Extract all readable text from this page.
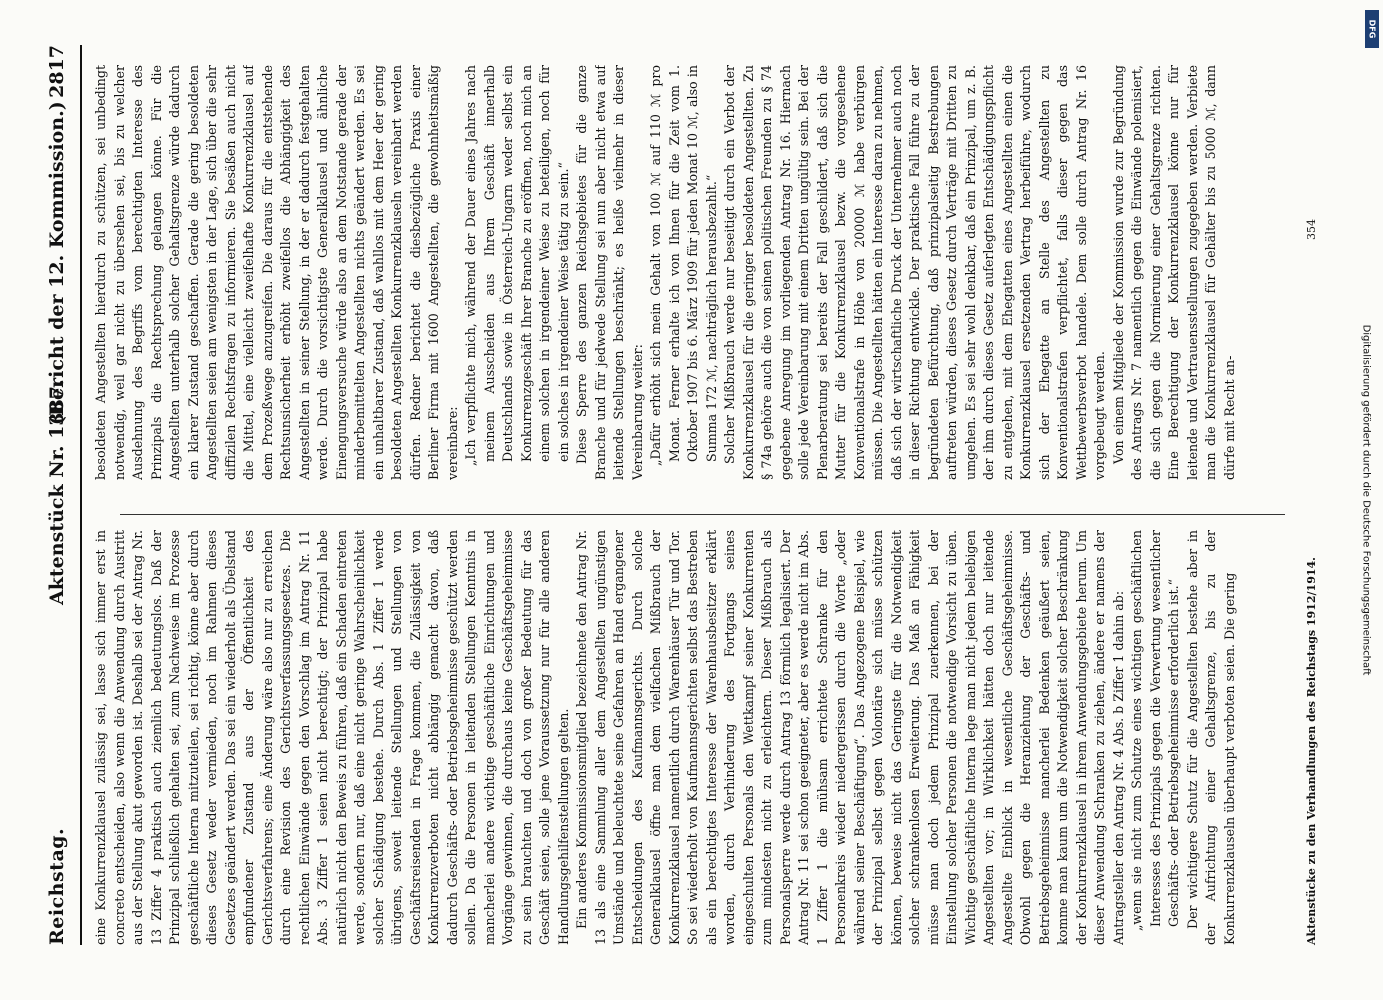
Reichstag.
Aktenstück Nr. 1387.
(Bericht der 12. Kommission.)
2817

eine Konkurrenzklausel zulässig sei, lasse sich immer erst in concreto entscheiden, also wenn die Anwendung durch Austritt aus der Stellung akut geworden ist. Deshalb sei der Antrag Nr. 13 Ziffer 4 praktisch auch ziemlich bedeutungslos. Daß der Prinzipal schließlich gehalten sei, zum Nachweise im Prozesse geschäftliche Interna mitzuteilen, sei richtig, könne aber durch dieses Gesetz weder vermieden, noch im Rahmen dieses Gesetzes geändert werden. Das sei ein wiederholt als Übelstand empfundener Zustand aus der Öffentlichkeit des Gerichtsverfahrens; eine Änderung wäre also nur zu erreichen durch eine Revision des Gerichtsverfassungsgesetzes. Die rechtlichen Einwände gegen den Vorschlag im Antrag Nr. 11 Abs. 3 Ziffer 1 seien nicht berechtigt; der Prinzipal habe natürlich nicht den Beweis zu führen, daß ein Schaden eintreten werde, sondern nur, daß eine nicht geringe Wahrscheinlichkeit solcher Schädigung bestehe. Durch Abs. 1 Ziffer 1 werde übrigens, soweit leitende Stellungen und Stellungen von Geschäftsreisenden in Frage kommen, die Zulässigkeit von Konkurrenzverboten nicht abhängig gemacht davon, daß dadurch Geschäfts- oder Betriebsgeheimnisse geschützt werden sollen. Da die Personen in leitenden Stellungen Kenntnis in mancherlei andere wichtige geschäftliche Einrichtungen und Vorgänge gewinnen, die durchaus keine Geschäftsgeheimnisse zu sein brauchten und doch von großer Bedeutung für das Geschäft seien, solle jene Voraussetzung nur für alle anderen Handlungsgehilfenstellungen gelten. Ein anderes Kommissionsmitglied bezeichnete den Antrag Nr. 13 als eine Sammlung aller dem Angestellten ungünstigen Umstände und beleuchtete seine Gefahren an Hand ergangener Entscheidungen des Kaufmannsgerichts. Durch solche Generalklausel öffne man dem vielfachen Mißbrauch der Konkurrenzklausel namentlich durch Warenhäuser Tür und Tor. So sei wiederholt von Kaufmannsgerichten selbst das Bestreben als ein berechtigtes Interesse der Warenhausbesitzer erklärt worden, durch Verhinderung des Fortgangs seines eingeschulten Personals den Wettkampf seiner Konkurrenten zum mindesten nicht zu erleichtern. Dieser Mißbrauch als Personalsperre werde durch Antrag 13 förmlich legalisiert. Der Antrag Nr. 11 sei schon geeigneter, aber es werde nicht im Abs. 1 Ziffer 1 die mühsam errichtete Schranke für den Personenkreis wieder niedergerissen durch die Worte „oder während seiner Beschäftigung“. Das Angezogene Beispiel, wie der Prinzipal selbst gegen Volontäre sich müsse schützen können, beweise nicht das Geringste für die Notwendigkeit solcher schrankenlosen Erweiterung. Das Maß an Fähigkeit müsse man doch jedem Prinzipal zuerkennen, bei der Einstellung solcher Personen die notwendige Vorsicht zu üben. Wichtige geschäftliche Interna lege man nicht jedem beliebigen Angestellten vor; in Wirklichkeit hätten doch nur leitende Angestellte Einblick in wesentliche Geschäftsgeheimnisse. Obwohl gegen die Heranziehung der Geschäfts- und Betriebsgeheimnisse mancherlei Bedenken geäußert seien, komme man kaum um die Notwendigkeit solcher Beschränkung der Konkurrenzklausel in ihrem Anwendungsgebiete herum. Um dieser Anwendung Schranken zu ziehen, ändere er namens der Antragsteller den Antrag Nr. 4 Abs. b Ziffer 1 dahin ab: „wenn sie nicht zum Schutze eines wichtigen geschäftlichen Interesses des Prinzipals gegen die Verwertung wesentlicher Geschäfts- oder Betriebsgeheimnisse erforderlich ist.“ Der wichtigere Schutz für die Angestellten bestehe aber in der Aufrichtung einer Gehaltsgrenze, bis zu der Konkurrenzklauseln überhaupt verboten seien. Die gering

besoldeten Angestellten hierdurch zu schützen, sei unbedingt notwendig, weil gar nicht zu übersehen sei, bis zu welcher Ausdehnung des Begriffs vom berechtigten Interesse des Prinzipals die Rechtsprechung gelangen könne. Für die Angestellten unterhalb solcher Gehaltsgrenze würde dadurch ein klarer Zustand geschaffen. Gerade die gering besoldeten Angestellten seien am wenigsten in der Lage, sich über die sehr diffizilen Rechtsfragen zu informieren. Sie besäßen auch nicht die Mittel, eine vielleicht zweifelhafte Konkurrenzklausel auf dem Prozeßwege anzugreifen. Die daraus für die entstehende Rechtsunsicherheit erhöht zweifellos die Abhängigkeit des Angestellten in seiner Stellung, in der er dadurch festgehalten werde. Durch die vorsichtigste Generalklausel und ähnliche Einengungsversuche würde also an dem Notstande gerade der minderbemittelten Angestellten nichts geändert werden. Es sei ein unhaltbarer Zustand, daß wahllos mit dem Heer der gering besoldeten Angestellten Konkurrenzklauseln vereinbart werden dürfen. Redner berichtet die diesbezügliche Praxis einer Berliner Firma mit 1600 Angestellten, die gewohnheitsmäßig vereinbare: „Ich verpflichte mich, während der Dauer eines Jahres nach meinem Ausscheiden aus Ihrem Geschäft innerhalb Deutschlands sowie in Österreich-Ungarn weder selbst ein Konkurrenzgeschäft Ihrer Branche zu eröffnen, noch mich an einem solchen in irgendeiner Weise zu beteiligen, noch für ein solches in irgendeiner Weise tätig zu sein.“ Diese Sperre des ganzen Reichsgebietes für die ganze Branche und für jedwede Stellung sei nun aber nicht etwa auf leitende Stellungen beschränkt; es heiße vielmehr in dieser Vereinbarung weiter: „Dafür erhöht sich mein Gehalt von 100 ℳ auf 110 ℳ pro Monat. Ferner erhalte ich von Ihnen für die Zeit vom 1. Oktober 1907 bis 6. März 1909 für jeden Monat 10 ℳ, also in Summa 172 ℳ, nachträglich herausbezahlt.“ Solcher Mißbrauch werde nur beseitigt durch ein Verbot der Konkurrenzklausel für die geringer besoldeten Angestellten. Zu § 74a gehöre auch die von seinen politischen Freunden zu § 74 gegebene Anregung im vorliegenden Antrag Nr. 16. Hiernach solle jede Vereinbarung mit einem Dritten ungültig sein. Bei der Plenarberatung sei bereits der Fall geschildert, daß sich die Mutter für die Konkurrenzklausel bezw. die vorgesehene Konventionalstrafe in Höhe von 20000 ℳ habe verbürgen müssen. Die Angestellten hätten ein Interesse daran zu nehmen, daß sich der wirtschaftliche Druck der Unternehmer auch noch in dieser Richtung entwickle. Der praktische Fall führe zu der begründeten Befürchtung, daß prinzipalseitig Bestrebungen auftreten würden, dieses Gesetz durch Verträge mit Dritten zu umgehen. Es sei sehr wohl denkbar, daß ein Prinzipal, um z. B. der ihm durch dieses Gesetz auferlegten Entschädigungspflicht zu entgehen, mit dem Ehegatten eines Angestellten einen die Konkurrenzklausel ersetzenden Vertrag herbeiführe, wodurch sich der Ehegatte an Stelle des Angestellten zu Konventionalstrafen verpflichtet, falls dieser gegen das Wettbewerbsverbot handele. Dem solle durch Antrag Nr. 16 vorgebeugt werden. Von einem Mitgliede der Kommission wurde zur Begründung des Antrags Nr. 7 namentlich gegen die Einwände polemisiert, die sich gegen die Normierung einer Gehaltsgrenze richten. Eine Berechtigung der Konkurrenzklausel könne nur für leitende und Vertrauensstellungen zugegeben werden. Verbiete man die Konkurrenzklausel für Gehälter bis zu 5000 ℳ, dann dürfe mit Recht an-

Aktenstücke zu den Verhandlungen des Reichstags 1912/1914.
354
DFG
Digitalisierung gefördert durch die Deutsche Forschungsgemeinschaft
